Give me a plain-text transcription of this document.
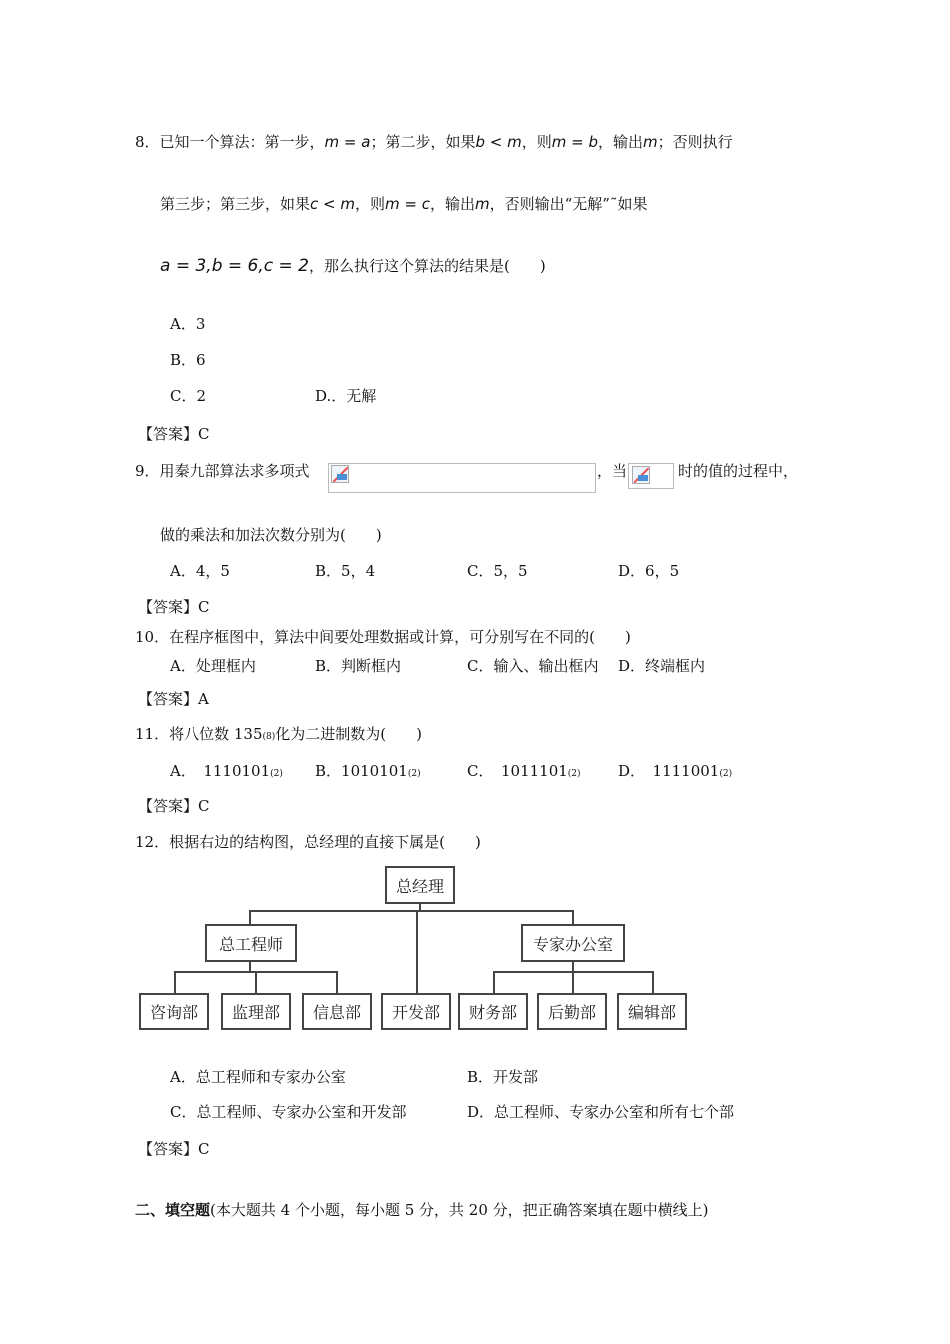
8．已知一个算法：第一步，m = a；第二步，如果b < m，则m = b，输出m；否则执行
第三步；第三步，如果c < m，则m = c，输出m，否则输出“无解”˜如果
a = 3,b = 6,c = 2，那么执行这个算法的结果是(　　)
A．3
B．6
C．2	D.．无解
【答案】C
9．用秦九部算法求多项式	，当	时的值的过程中，
做的乘法和加法次数分别为(　　)
A．4，5	B．5，4	C．5，5	D．6，5
【答案】C
10．在程序框图中，算法中间要处理数据或计算，可分别写在不同的(　　)
A．处理框内	B．判断框内	C．输入、输出框内 D．终端框内
【答案】A
11．将八位数 135(8)化为二进制数为(　　)
A．　1110101(2) B．1010101(2)	C．　1011101(2) D．　1111001(2)
【答案】C
12．根据右边的结构图，总经理的直接下属是(　　)
总经理
总工程师	专家办公室
咨询部	监理部	信息部	开发部	财务部	后勤部	编辑部
A．总工程师和专家办公室	B．开发部
C．总工程师、专家办公室和开发部	D．总工程师、专家办公室和所有七个部
【答案】C
二、填空题(本大题共 4 个小题，每小题 5 分，共 20 分，把正确答案填在题中横线上)
